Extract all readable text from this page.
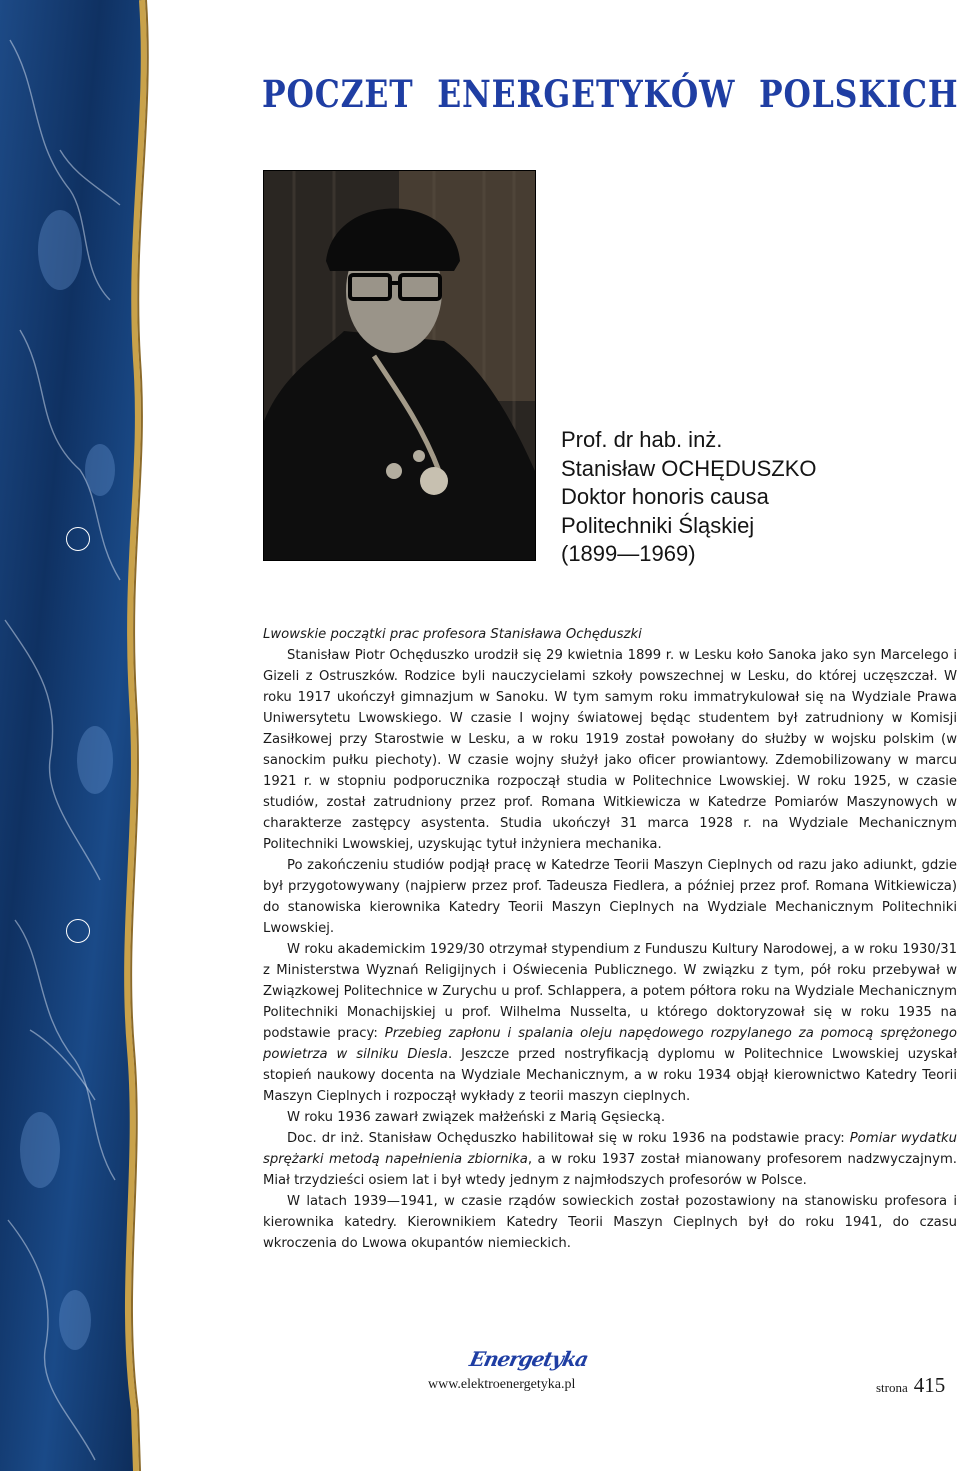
POCZET ENERGETYKÓW POLSKICH
Prof. dr hab. inż.
Stanisław OCHĘDUSZKO
Doktor honoris causa
Politechniki Śląskiej
(1899—1969)

Lwowskie początki prac profesora Stanisława Ochęduszki

Stanisław Piotr Ochęduszko urodził się 29 kwietnia 1899 r. w Lesku koło Sanoka jako syn Marcelego i Gizeli z Ostruszków. Rodzice byli nauczycielami szkoły powszechnej w Lesku, do której uczęszczał. W roku 1917 ukończył gimnazjum w Sanoku. W tym samym roku immatrykulował się na Wydziale Prawa Uniwersytetu Lwowskiego. W czasie I wojny światowej będąc studentem był zatrudniony w Komisji Zasiłkowej przy Starostwie w Lesku, a w roku 1919 został powołany do służby w wojsku polskim (w sanockim pułku piechoty). W czasie wojny służył jako oficer prowiantowy. Zdemobilizowany w marcu 1921 r. w stopniu podporucznika rozpoczął studia w Politechnice Lwowskiej. W roku 1925, w czasie studiów, został zatrudniony przez prof. Romana Witkiewicza w Katedrze Pomiarów Maszynowych w charakterze zastępcy asystenta. Studia ukończył 31 marca 1928 r. na Wydziale Mechanicznym Politechniki Lwowskiej, uzyskując tytuł inżyniera mechanika.

Po zakończeniu studiów podjął pracę w Katedrze Teorii Maszyn Cieplnych od razu jako adiunkt, gdzie był przygotowywany (najpierw przez prof. Tadeusza Fiedlera, a później przez prof. Romana Witkiewicza) do stanowiska kierownika Katedry Teorii Maszyn Cieplnych na Wydziale Mechanicznym Politechniki Lwowskiej.

W roku akademickim 1929/30 otrzymał stypendium z Funduszu Kultury Narodowej, a w roku 1930/31 z Ministerstwa Wyznań Religijnych i Oświecenia Publicznego. W związku z tym, pół roku przebywał w Związkowej Politechnice w Zurychu u prof. Schlappera, a potem półtora roku na Wydziale Mechanicznym Politechniki Monachijskiej u prof. Wilhelma Nusselta, u którego doktoryzował się w roku 1935 na podstawie pracy: Przebieg zapłonu i spalania oleju napędowego rozpylanego za pomocą sprężonego powietrza w silniku Diesla. Jeszcze przed nostryfikacją dyplomu w Politechnice Lwowskiej uzyskał stopień naukowy docenta na Wydziale Mechanicznym, a w roku 1934 objął kierownictwo Katedry Teorii Maszyn Cieplnych i rozpoczął wykłady z teorii maszyn cieplnych.

W roku 1936 zawarł związek małżeński z Marią Gęsiecką.

Doc. dr inż. Stanisław Ochęduszko habilitował się w roku 1936 na podstawie pracy: Pomiar wydatku sprężarki metodą napełnienia zbiornika, a w roku 1937 został mianowany profesorem nadzwyczajnym. Miał trzydzieści osiem lat i był wtedy jednym z najmłodszych profesorów w Polsce.

W latach 1939—1941, w czasie rządów sowieckich został pozostawiony na stanowisku profesora i kierownika katedry. Kierownikiem Katedry Teorii Maszyn Cieplnych był do roku 1941, do czasu wkroczenia do Lwowa okupantów niemieckich.

Energetyka
www.elektroenergetyka.pl	strona 415
